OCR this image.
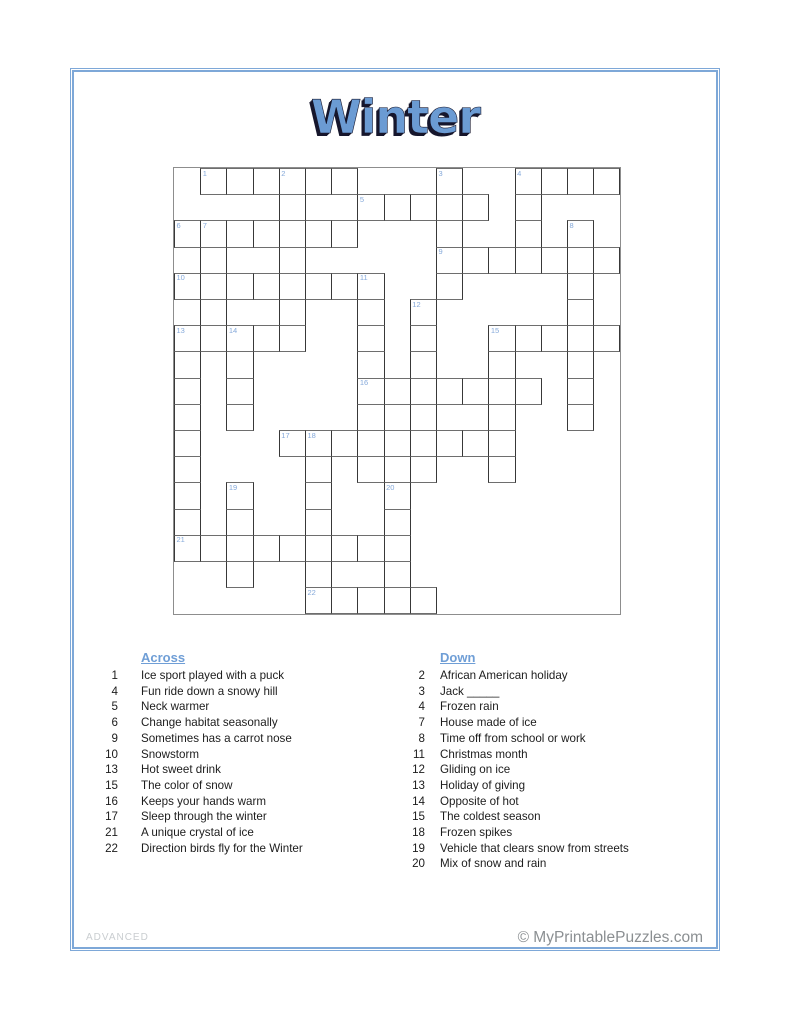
Winter
1	2	3	4
5
6	7	8
9
10	11
12
13	14	15
16
17 18
19	20
21
22
Across
1 Ice sport played with a puck
4 Fun ride down a snowy hill
5 Neck warmer
6 Change habitat seasonally
9 Sometimes has a carrot nose
10 Snowstorm
13 Hot sweet drink
15 The color of snow
16 Keeps your hands warm
17 Sleep through the winter
21 A unique crystal of ice
22 Direction birds fly for the Winter
Down
2 African American holiday
3 Jack _____
4 Frozen rain
7 House made of ice
8 Time off from school or work
11 Christmas month
12 Gliding on ice
13 Holiday of giving
14 Opposite of hot
15 The coldest season
18 Frozen spikes
19 Vehicle that clears snow from streets
20 Mix of snow and rain
ADVANCED	© MyPrintablePuzzles.com
